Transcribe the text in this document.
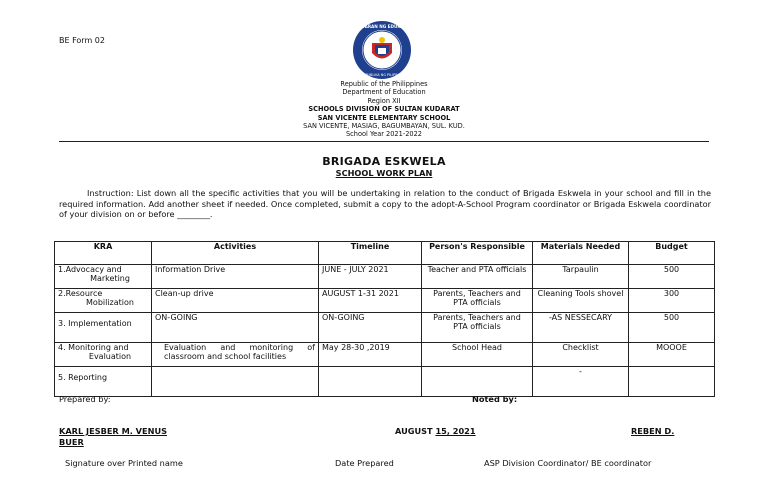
BE Form 02
KAGAWARAN NG EDUKASYON
REPUBLIKA NG PILIPINAS
Republic of the Philippines
Department of Education
Region XII
SCHOOLS DIVISION OF SULTAN KUDARAT
SAN VICENTE ELEMENTARY SCHOOL
SAN VICENTE, MASIAG, BAGUMBAYAN, SUL. KUD.
School Year 2021-2022
BRIGADA ESKWELA
SCHOOL WORK PLAN
Instruction: List down all the specific activities that you will be undertaking in relation to the conduct of Brigada Eskwela in your school and fill in the required information. Add another sheet if needed. Once completed, submit a copy to the adopt-A-School Program coordinator or Brigada Eskwela coordinator of your division on or before ________.
KRA	Activities	Timeline	Person's Responsible	Materials Needed	Budget
1.Advocacy and
Marketing	Information Drive	JUNE - JULY 2021	Teacher and PTA officials	Tarpaulin	500
2.Resource
Mobilization	Clean-up drive	AUGUST 1-31 2021	Parents, Teachers and PTA officials	Cleaning Tools shovel	300
3. Implementation	ON-GOING	ON-GOING	Parents, Teachers and PTA officials	-AS NESSECARY	500
4. Monitoring and
Evaluation	Evaluation and monitoring of classroom and school facilities	May 28-30 ,2019	School Head	Checklist	MOOOE
5. Reporting				-	
Prepared by:	Noted by:
KARL JESBER M. VENUS
BUER
AUGUST 15, 2021	REBEN D.
Signature over Printed name	Date Prepared	ASP Division Coordinator/ BE coordinator
